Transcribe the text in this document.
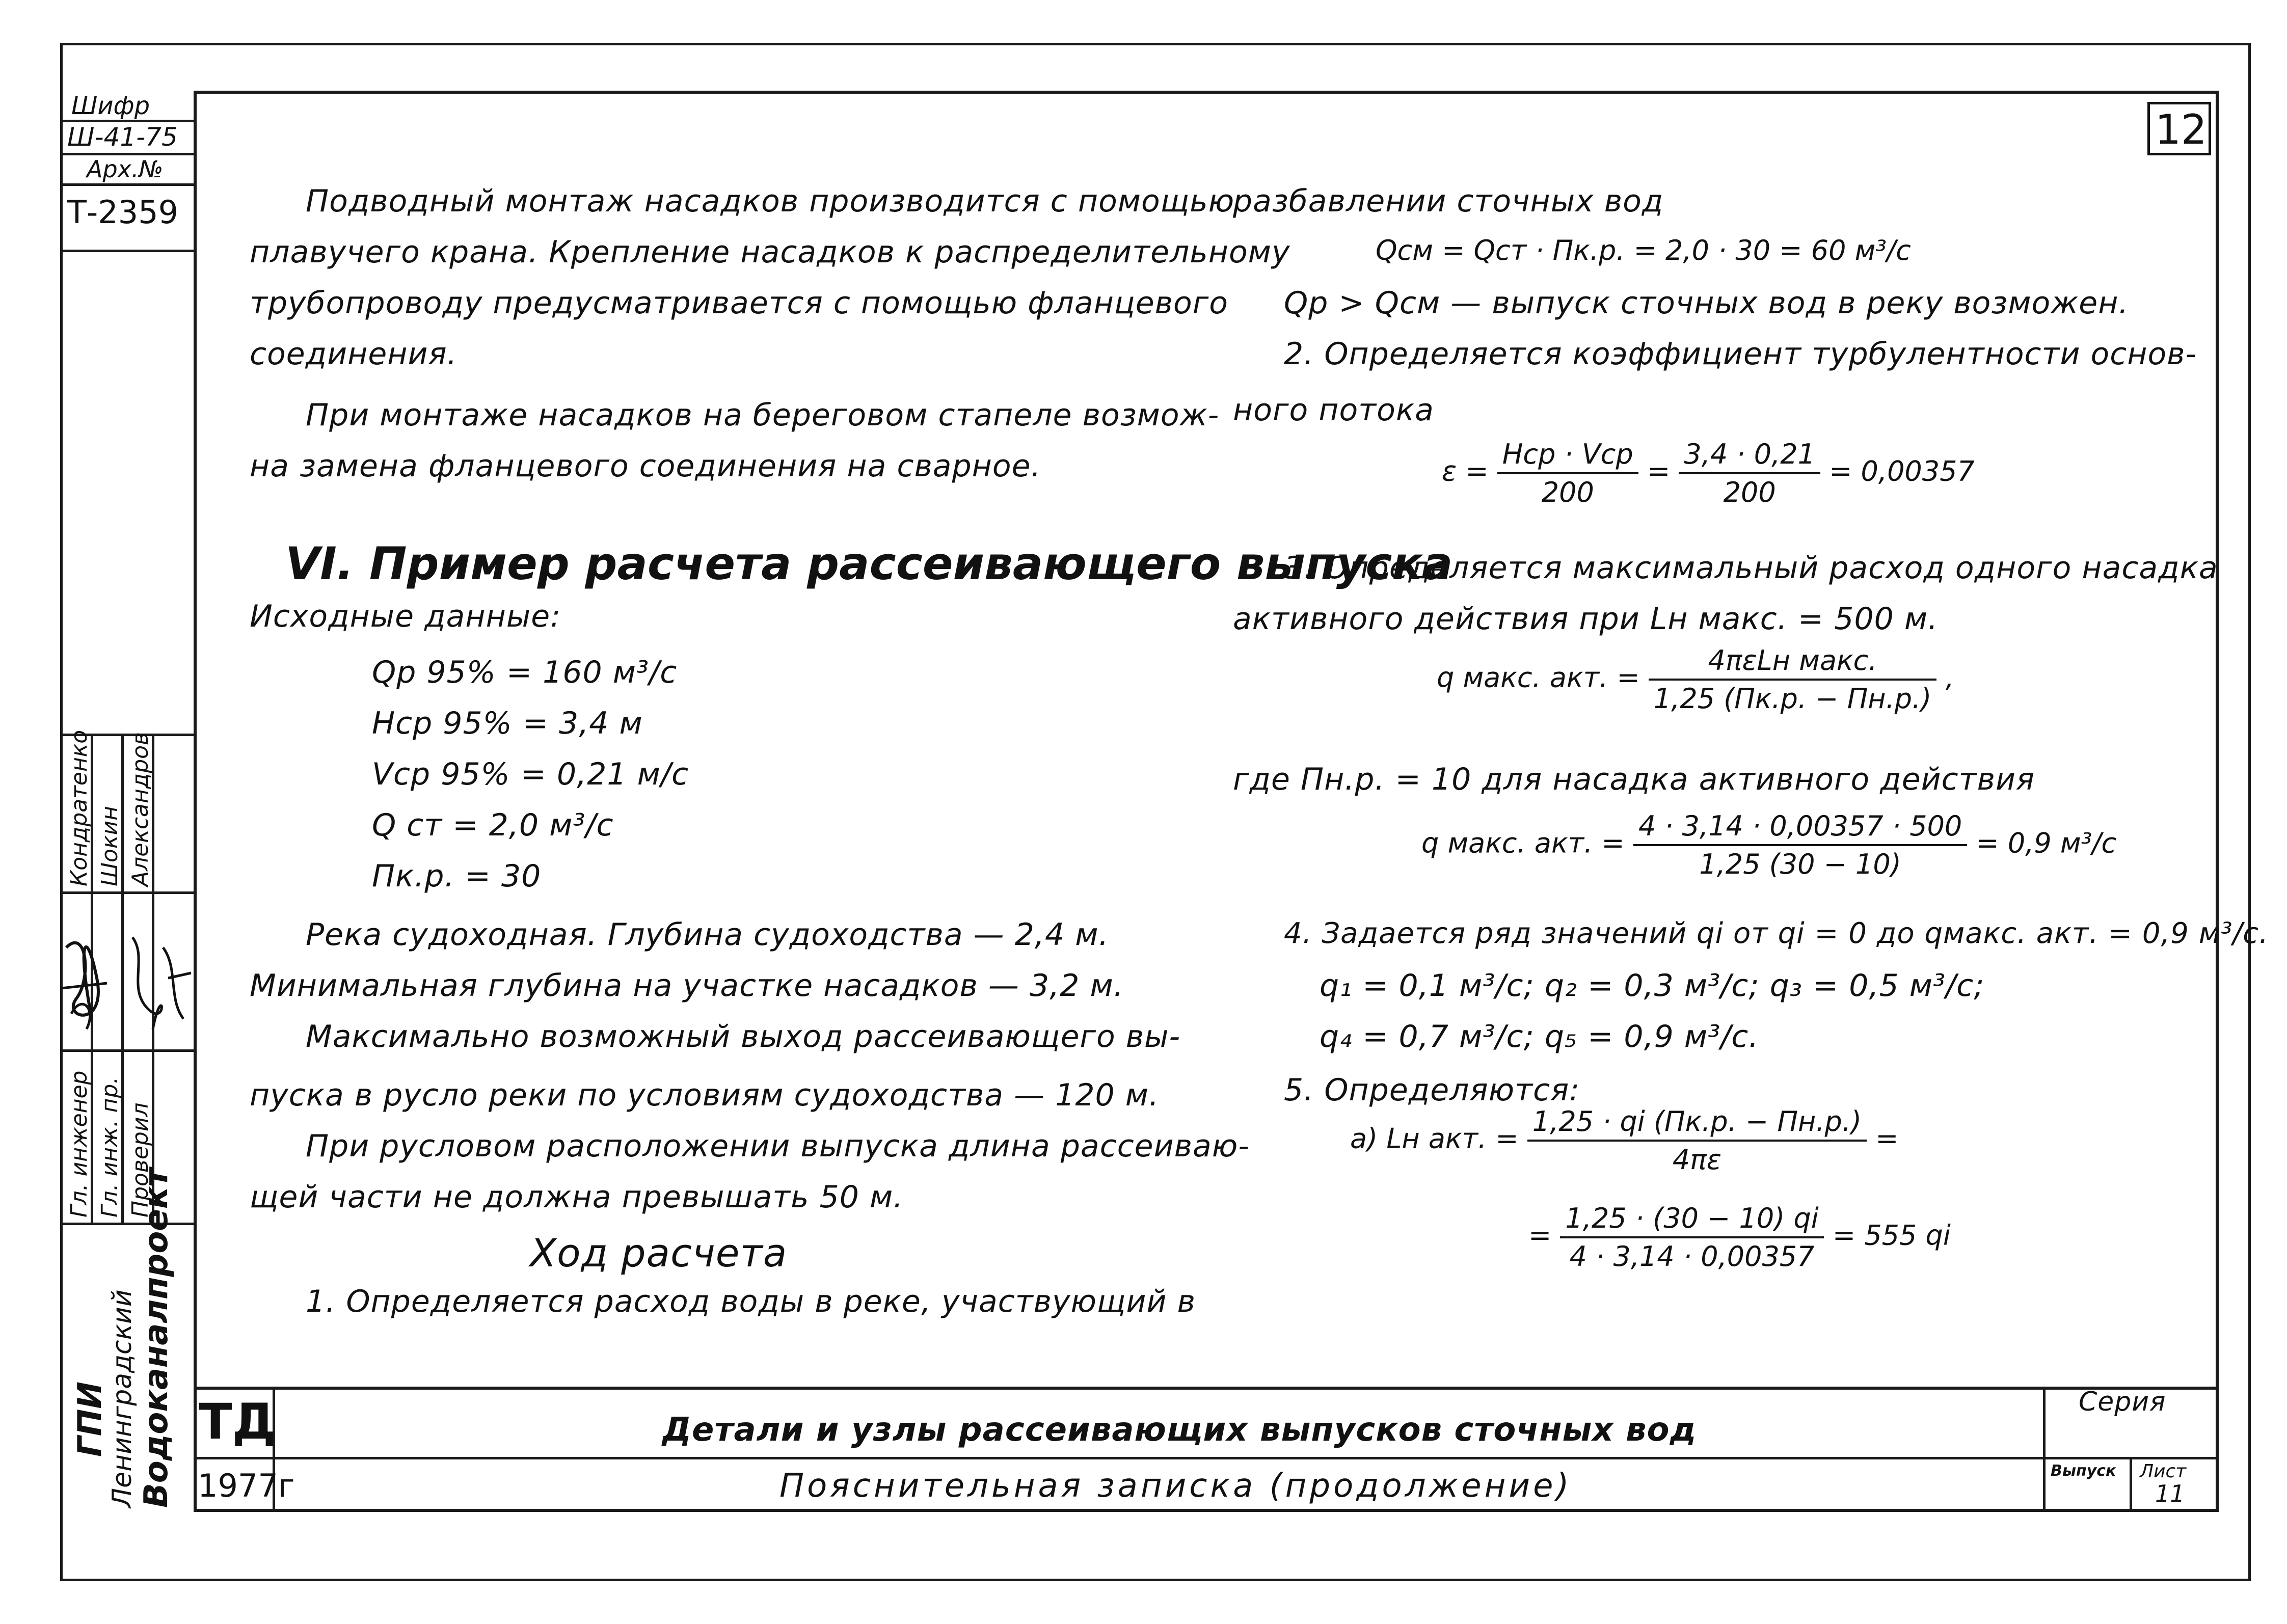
Шифр
Ш-41-75
Арх.№
Т-2359
Гл. инженер Гл. инж. пр. Проверил
Кондратенко Шокин Александров
ГПИ
Ленинградский Водоканалпроект
12
Подводный монтаж насадков производится с помощью
плавучего крана. Крепление насадков к распределительному
трубопроводу предусматривается с помощью фланцевого
соединения.
При монтаже насадков на береговом стапеле возмож-
на замена фланцевого соединения на сварное.
VI. Пример расчета рассеивающего выпуска
Исходные данные:
Qр 95% = 160 м³/с
Hср 95% = 3,4 м
Vср 95% = 0,21 м/с
Q ст = 2,0 м³/с
Пк.р. = 30
Река судоходная. Глубина судоходства — 2,4 м.
Минимальная глубина на участке насадков — 3,2 м.
Максимально возможный выход рассеивающего вы-
пуска в русло реки по условиям судоходства — 120 м.
При русловом расположении выпуска длина рассеиваю-
щей части не должна превышать 50 м.
Ход расчета
1. Определяется расход воды в реке, участвующий в
разбавлении сточных вод
Qсм = Qст · Пк.р. = 2,0 · 30 = 60 м³/с
Qр > Qсм — выпуск сточных вод в реку возможен.
2. Определяется коэффициент турбулентности основ-
ного потока
$\varepsilon = \frac{\text{Hср · Vср}}{200} = \frac{3,4 \cdot 0,21}{200} = 0,00357$
3. Определяется максимальный расход одного насадка
активного действия при Lн макс. = 500 м.
q макс. акт. = $\frac{\text{4πεLн макс.}}{1,25 (Пк.р. - Пн.р.)}$ ,
где Пн.р. = 10 для насадка активного действия
q макс. акт. = $\frac{4 \cdot 3,14 \cdot 0,00357 \cdot 500}{1,25 (30 - 10)} = 0,9$ м³/с
4. Задается ряд значений qi от qi = 0 до qмакс. акт. = 0,9 м³/с.
q₁ = 0,1 м³/с; q₂ = 0,3 м³/с; q₃ = 0,5 м³/с;
q₄ = 0,7 м³/с; q₅ = 0,9 м³/с.
5. Определяются:
а) Lн акт. = $\frac{1,25 \cdot qi (Пк.р. - Пн.р.)}{4\pi\varepsilon}$ =
= $\frac{1,25 \cdot (30 - 10) qi}{4 \cdot 3,14 \cdot 0,00357} = 555$ qi
ТД
1977г
Детали и узлы рассеивающих выпусков сточных вод
Пояснительная записка (продолжение)
Серия
Выпуск Лист
11
